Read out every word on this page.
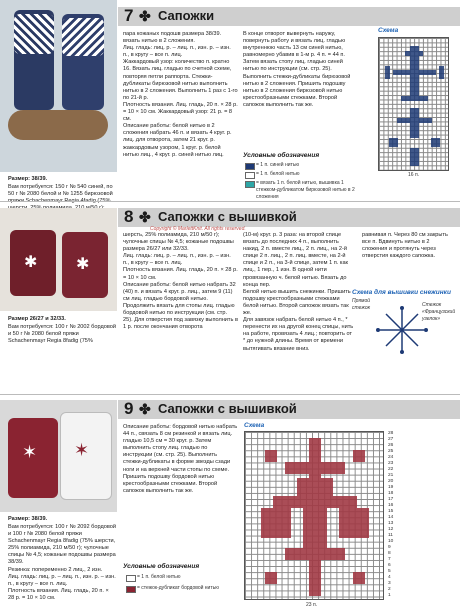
Размер: 38/39.
Вам потребуется: 150 г № 540 синей, по 50 г № 2080 белой и № 1255 бирюзовой
7 ✤ Сапожки
пара кожаных подошв размера 38/39.
вязать нитью в 2 сложения.
Лиц. гладь: лиц. р. – лиц. п., изн. р. – изн. п., в кругу – все п. лиц.
Жаккардовый узор: количество п. кратно 16. Вязать лиц. гладью по счетной схеме, повторяя петли раппорта. Стежки-дубликаты бирюзовой нитью выполнить нитью в 2 сложения. Выполнить 1 раз с 1-го по 21-й р.
Плотность вязания. Лиц. гладь, 20 п. × 28 р. = 10 × 10 см. Жаккардовый узор: 21 р. = 8 см.
Описание работы: белой нитью в 2 сложения набрать 46 п. и вязать 4 круг. р. лиц. для отворота, затем 21 круг. р. жаккардовым узором, 1 круг. р. белой нитью лиц., 4 круг. р. синей нитью лиц.
В конце отворот вывернуть наружу, повернуть работу и вязать лиц. гладью внутреннюю часть 13 см синей нитью, равномерно убавив в 1-м р. 4 п. = 44 п. Затем вязать стопу лиц. гладью синей нитью по инструкции (см. стр. 25). Выполнить стежки-дубликаты бирюзовой нитью в 2 сложения. Пришить подошву нитью в 2 сложения бирюзовой нитью крестообразными стежками. Второй сапожок выполнить так же.
Условные обозначения
= 1 п. синей нитью
= 1 п. белой нитью
= вязать 1 п. белой нитью, вышивка 1 стежком-дубликатом бирюзовой нитью в 2 сложения
Схема
16 п.
✱ ✱
Размер 26/27 и 32/33.
Вам потребуется: 100 г № 2002 бордовой и 50 г № 2080 белой пряжи Schachenmayr Regia 8fadig (75%
8 ✤ Сапожки с вышивкой
Copyright © MarlettKnit. All rights reserved.
шерсть, 25% полиамида, 210 м/50 г); чулочные спицы № 4,5; кожаные подошвы размера 26/27 или 32/33.
Лиц. гладь: лиц. р. – лиц. п., изн. р. – изн. п., в кругу – все п. лиц.
Плотность вязания. Лиц. гладь, 20 п. × 28 р. = 10 × 10 см.
Описание работы: белой нитью набрать 32 (40) п. и вязать 4 круг. р. лиц., затем 9 (11) см лиц. гладью бордовой нитью. Продолжить вязать для стопы лиц. гладью бордовой нитью по инструкции (см. стр. 25). Для отверстия под завязку выполнить в 1 р. после окончания отворота
(10-м) круг. р. 3 раза: на второй спице вязать до последних 4 п., выполнить накид, 2 п. вместе лиц., 2 п. лиц., на 2-й спице 2 п. лиц., 2 п. лиц. вместе, на 2-й спице и 2 п., на 3-й спице, затем 1 п. как лиц., 1 пер., 1 изн. В одной нити провязанную ч. белой нитью. Вязать до конца пер.
Белой нитью вышить снежинки. Пришить подошву крестообразными стежками белой нитью. Второй сапожок вязать так же.
Для завязок набрать белой нитью 4 п., * перенести их на другой конец спицы, нить на работе, провязать 4 лиц.; повторить от * до нужной длины. Время от времени вытягивать вязание вниз.
равнивая п. Через 80 см закрыть все п. Вдвинуть нитью в 2 сложения и протянуть через отверстия каждого сапожка.
Схема для вышивки снежинки
Прямой стежок
Стежок «Французский узелок»
✶ ✶
Размер: 38/39.
Вам потребуется: 100 г № 2092 бордовой и 100 г № 2080 белой пряжи Schachenmayr Regia 8fadig (75% шерсти, 25% полиамида, 210 м/50 г); чулочные спицы № 4,5; кожаные подошвы размера 38/39.
Резинка: попеременно 2 лиц., 2 изн.
Лиц. гладь: лиц. р. – лиц. п., изн. р. – изн. п., в кругу – все п. лиц.
Плотность вязания. Лиц. гладь, 20 п. × 28 р. = 10 × 10 см.
9 ✤ Сапожки с вышивкой
Описание работы: бордовой нитью набрать 44 п., связать 8 см резинкой и вязать лиц. гладью 10,5 см = 30 круг. р. Затем выполнить стопу лиц. гладью по инструкции (см. стр. 25). Выполнить стежки-дубликаты в форме звезды сзади ноги и на верхней части стопы по схеме. Пришить подошву бордовой нитью крестообразными стежками. Второй сапожок выполнить так же.
Условные обозначения
= 1 п. белой нитью
= стежок-дубликат бордовой нитью
Схема
23 п.
28
27
26
25
24
23
22
21
20
19
18
17
16
15
14
13
12
11
10
9
8
7
6
5
4
3
2
1
